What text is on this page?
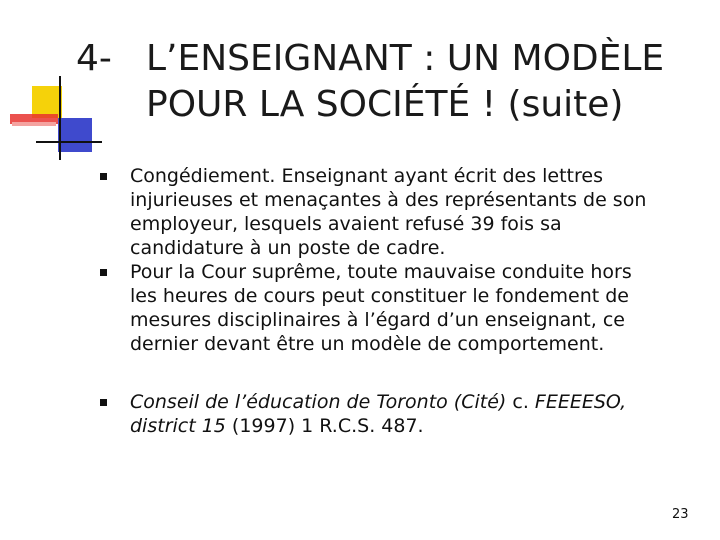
4- L’ENSEIGNANT : UN MODÈLE
POUR LA SOCIÉTÉ ! (suite)
Congédiement. Enseignant ayant écrit des lettres
injurieuses et menaçantes à des représentants de son
employeur, lesquels avaient refusé 39 fois sa
candidature à un poste de cadre.
Pour la Cour suprême, toute mauvaise conduite hors
les heures de cours peut constituer le fondement de
mesures disciplinaires à l’égard d’un enseignant, ce
dernier devant être un modèle de comportement.
Conseil de l’éducation de Toronto (Cité) c. FEEEESO,
district 15 (1997) 1 R.C.S. 487.
23
